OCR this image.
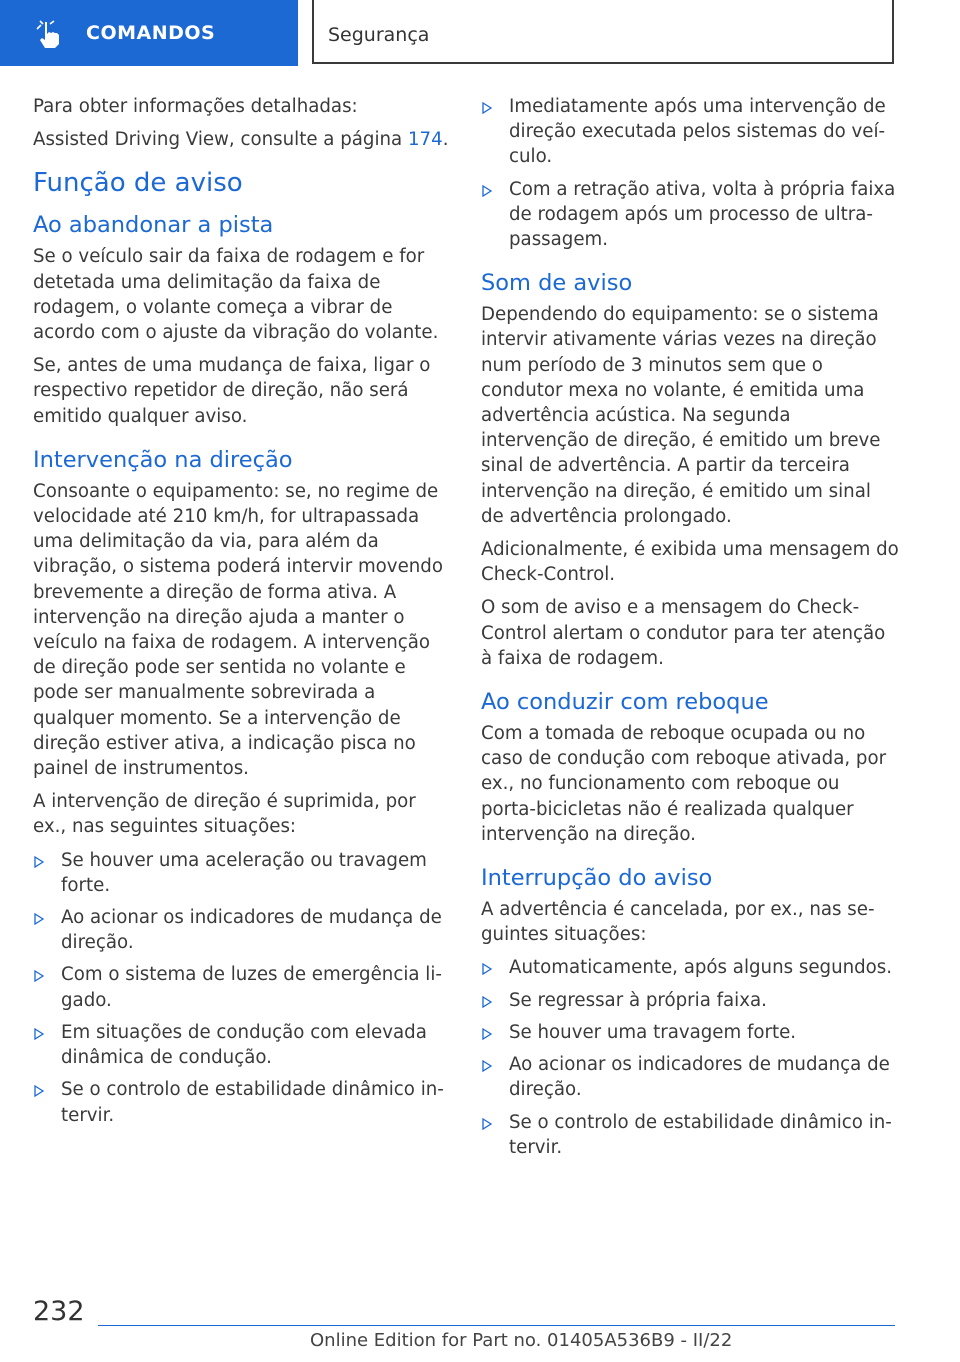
COMANDOS	Segurança

Para obter informações detalhadas:

Assisted Driving View, consulte a página 174.

Função de aviso
Ao abandonar a pista

Se o veículo sair da faixa de rodagem e for detetada uma delimitação da faixa de rodagem, o volante começa a vibrar de acordo com o ajuste da vibração do volante.

Se, antes de uma mudança de faixa, ligar o respectivo repetidor de direção, não será emitido qualquer aviso.

Intervenção na direção

Consoante o equipamento: se, no regime de velocidade até 210 km/h, for ultrapassada uma delimitação da via, para além da vibração, o sistema poderá intervir movendo brevemente a direção de forma ativa. A intervenção na direção ajuda a manter o veículo na faixa de rodagem. A intervenção de direção pode ser sentida no volante e pode ser manualmente sobrevirada a qualquer momento. Se a intervenção de direção estiver ativa, a indicação pisca no painel de instrumentos.

A intervenção de direção é suprimida, por ex., nas seguintes situações:

Se houver uma aceleração ou travagem forte.
Ao acionar os indicadores de mudança de direção.
Com o sistema de luzes de emergência ligado.
Em situações de condução com elevada dinâmica de condução.
Se o controlo de estabilidade dinâmico intervir.
Imediatamente após uma intervenção de direção executada pelos sistemas do veículo.
Com a retração ativa, volta à própria faixa de rodagem após um processo de ultrapassagem.
Som de aviso

Dependendo do equipamento: se o sistema intervir ativamente várias vezes na direção num período de 3 minutos sem que o condutor mexa no volante, é emitida uma advertência acústica. Na segunda intervenção de direção, é emitido um breve sinal de advertência. A partir da terceira intervenção na direção, é emitido um sinal de advertência prolongado.

Adicionalmente, é exibida uma mensagem do Check-Control.

O som de aviso e a mensagem do Check-Control alertam o condutor para ter atenção à faixa de rodagem.

Ao conduzir com reboque

Com a tomada de reboque ocupada ou no caso de condução com reboque ativada, por ex., no funcionamento com reboque ou porta-bicicletas não é realizada qualquer intervenção na direção.

Interrupção do aviso

A advertência é cancelada, por ex., nas seguintes situações:

Automaticamente, após alguns segundos.
Se regressar à própria faixa.
Se houver uma travagem forte.
Ao acionar os indicadores de mudança de direção.
Se o controlo de estabilidade dinâmico intervir.
232
Online Edition for Part no. 01405A536B9 - II/22
